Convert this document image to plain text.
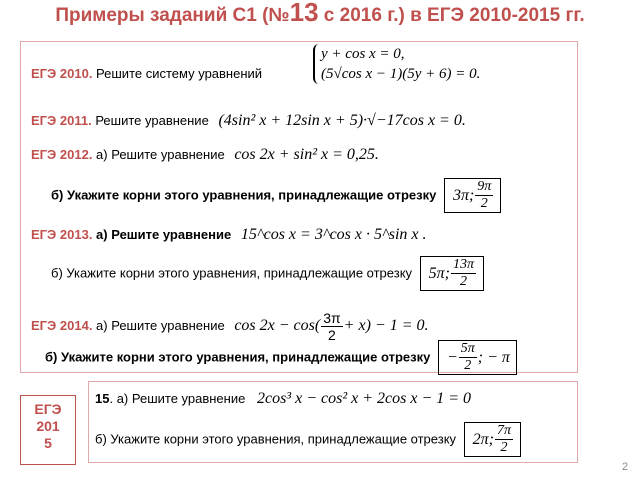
Примеры заданий С1 (№13 с 2016 г.) в ЕГЭ 2010-2015 гг.
ЕГЭ 2010. Решите систему уравнений
y + cos x = 0,
(5√cos x − 1)(5y + 6) = 0.
ЕГЭ 2011. Решите уравнение (4sin² x + 12sin x + 5)·√−17cos x = 0.
ЕГЭ 2012. а) Решите уравнение cos 2x + sin² x = 0,25.
б) Укажите корни этого уравнения, принадлежащие отрезку 3π; $\frac{9\pi}{2}$
ЕГЭ 2013. а) Решите уравнение 15^cos x = 3^cos x · 5^sin x .
б) Укажите корни этого уравнения, принадлежащие отрезку 5π; $\frac{13\pi}{2}$
ЕГЭ 2014. а) Решите уравнение $\cos 2x - \cos( \frac{3\pi}{2} + x) - 1 = 0$.
б) Укажите корни этого уравнения, принадлежащие отрезку − $\frac{5\pi}{2}$ ; − π
ЕГЭ
201
5
15. а) Решите уравнение 2cos³ x − cos² x + 2cos x − 1 = 0
б) Укажите корни этого уравнения, принадлежащие отрезку 2π; $\frac{7\pi}{2}$
2
